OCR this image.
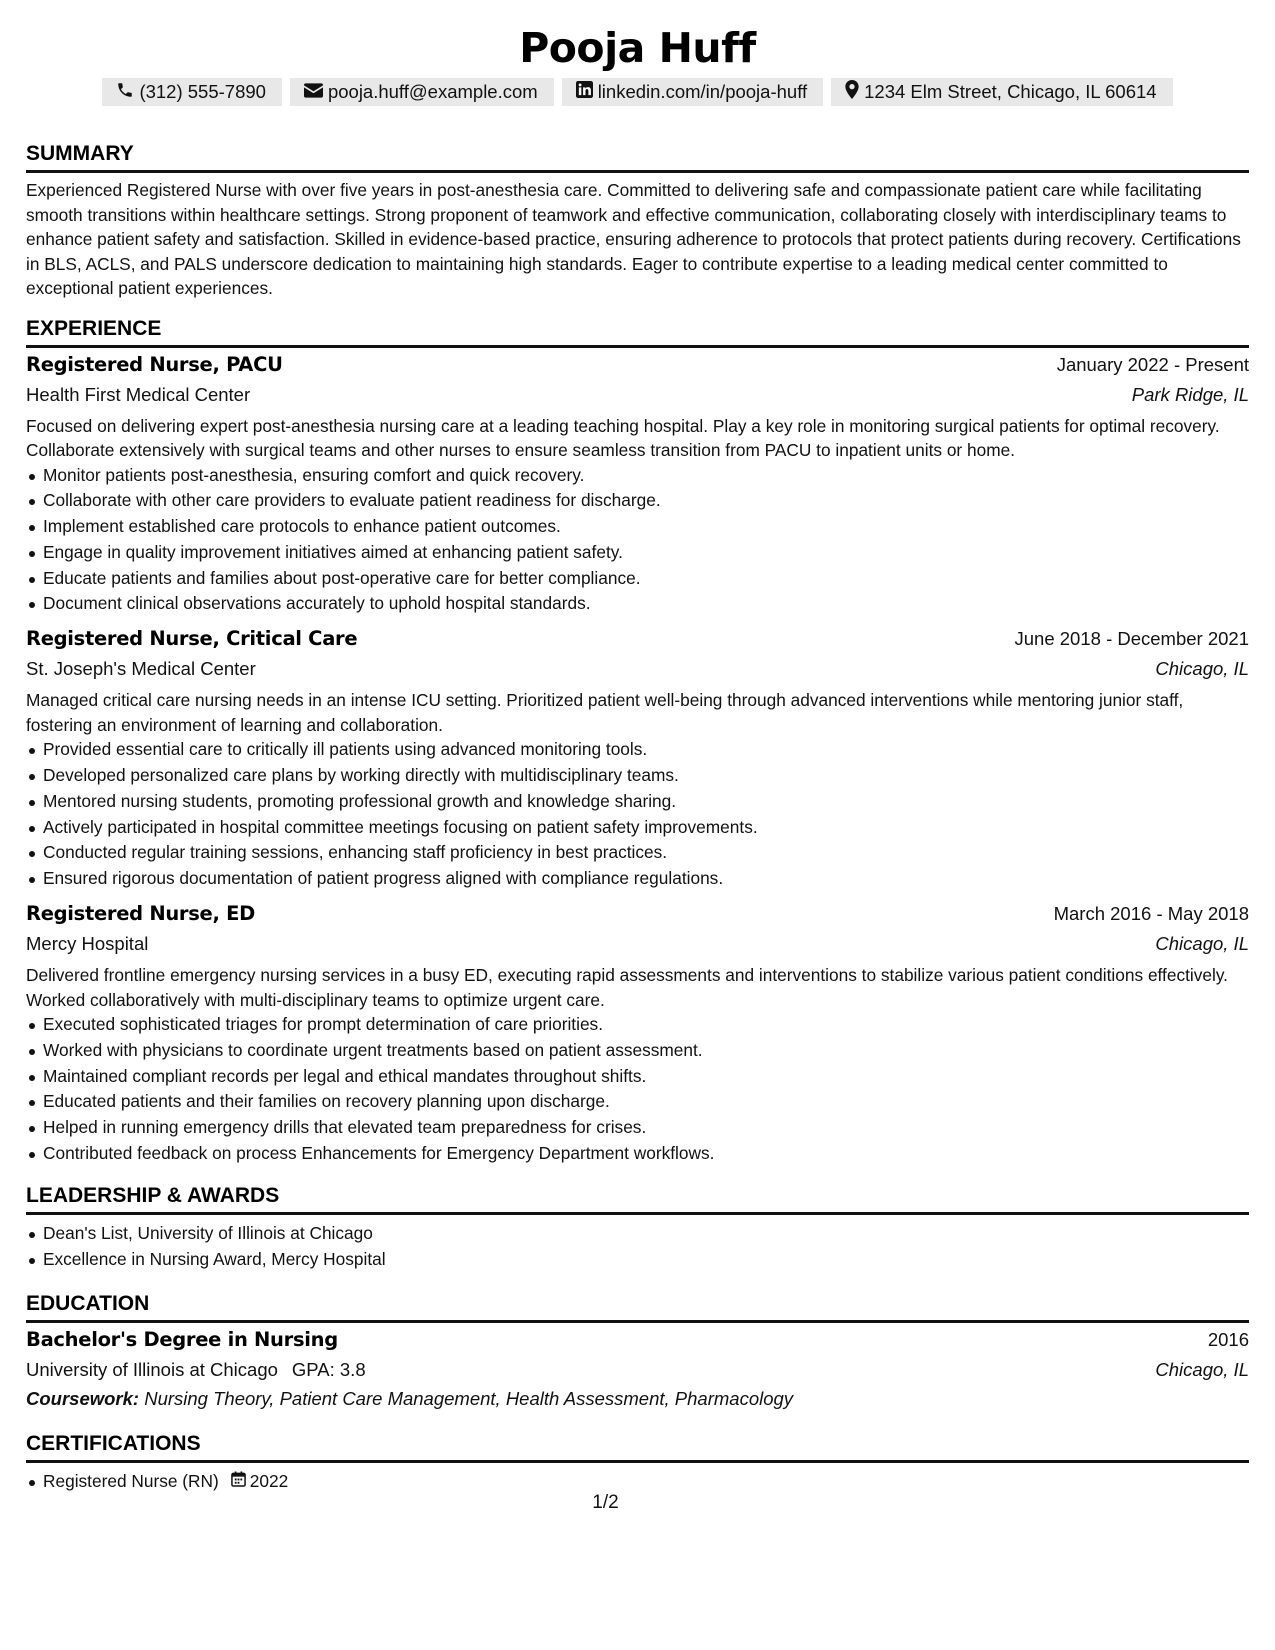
Pooja Huff
(312) 555-7890	pooja.huff@example.com	linkedin.com/in/pooja-huff	1234 Elm Street, Chicago, IL 60614
SUMMARY
Experienced Registered Nurse with over five years in post-anesthesia care. Committed to delivering safe and compassionate patient care while facilitating smooth transitions within healthcare settings. Strong proponent of teamwork and effective communication, collaborating closely with interdisciplinary teams to enhance patient safety and satisfaction. Skilled in evidence-based practice, ensuring adherence to protocols that protect patients during recovery. Certifications in BLS, ACLS, and PALS underscore dedication to maintaining high standards. Eager to contribute expertise to a leading medical center committed to exceptional patient experiences.
EXPERIENCE
Registered Nurse, PACU	January 2022 - Present
Health First Medical Center	Park Ridge, IL
Focused on delivering expert post-anesthesia nursing care at a leading teaching hospital. Play a key role in monitoring surgical patients for optimal recovery. Collaborate extensively with surgical teams and other nurses to ensure seamless transition from PACU to inpatient units or home.
Monitor patients post-anesthesia, ensuring comfort and quick recovery.
Collaborate with other care providers to evaluate patient readiness for discharge.
Implement established care protocols to enhance patient outcomes.
Engage in quality improvement initiatives aimed at enhancing patient safety.
Educate patients and families about post-operative care for better compliance.
Document clinical observations accurately to uphold hospital standards.
Registered Nurse, Critical Care	June 2018 - December 2021
St. Joseph's Medical Center	Chicago, IL
Managed critical care nursing needs in an intense ICU setting. Prioritized patient well-being through advanced interventions while mentoring junior staff, fostering an environment of learning and collaboration.
Provided essential care to critically ill patients using advanced monitoring tools.
Developed personalized care plans by working directly with multidisciplinary teams.
Mentored nursing students, promoting professional growth and knowledge sharing.
Actively participated in hospital committee meetings focusing on patient safety improvements.
Conducted regular training sessions, enhancing staff proficiency in best practices.
Ensured rigorous documentation of patient progress aligned with compliance regulations.
Registered Nurse, ED	March 2016 - May 2018
Mercy Hospital	Chicago, IL
Delivered frontline emergency nursing services in a busy ED, executing rapid assessments and interventions to stabilize various patient conditions effectively. Worked collaboratively with multi-disciplinary teams to optimize urgent care.
Executed sophisticated triages for prompt determination of care priorities.
Worked with physicians to coordinate urgent treatments based on patient assessment.
Maintained compliant records per legal and ethical mandates throughout shifts.
Educated patients and their families on recovery planning upon discharge.
Helped in running emergency drills that elevated team preparedness for crises.
Contributed feedback on process Enhancements for Emergency Department workflows.
LEADERSHIP & AWARDS
Dean's List, University of Illinois at Chicago
Excellence in Nursing Award, Mercy Hospital
EDUCATION
Bachelor's Degree in Nursing	2016
University of Illinois at Chicago GPA: 3.8	Chicago, IL
Coursework: Nursing Theory, Patient Care Management, Health Assessment, Pharmacology
CERTIFICATIONS
Registered Nurse (RN) 2022
1/2
